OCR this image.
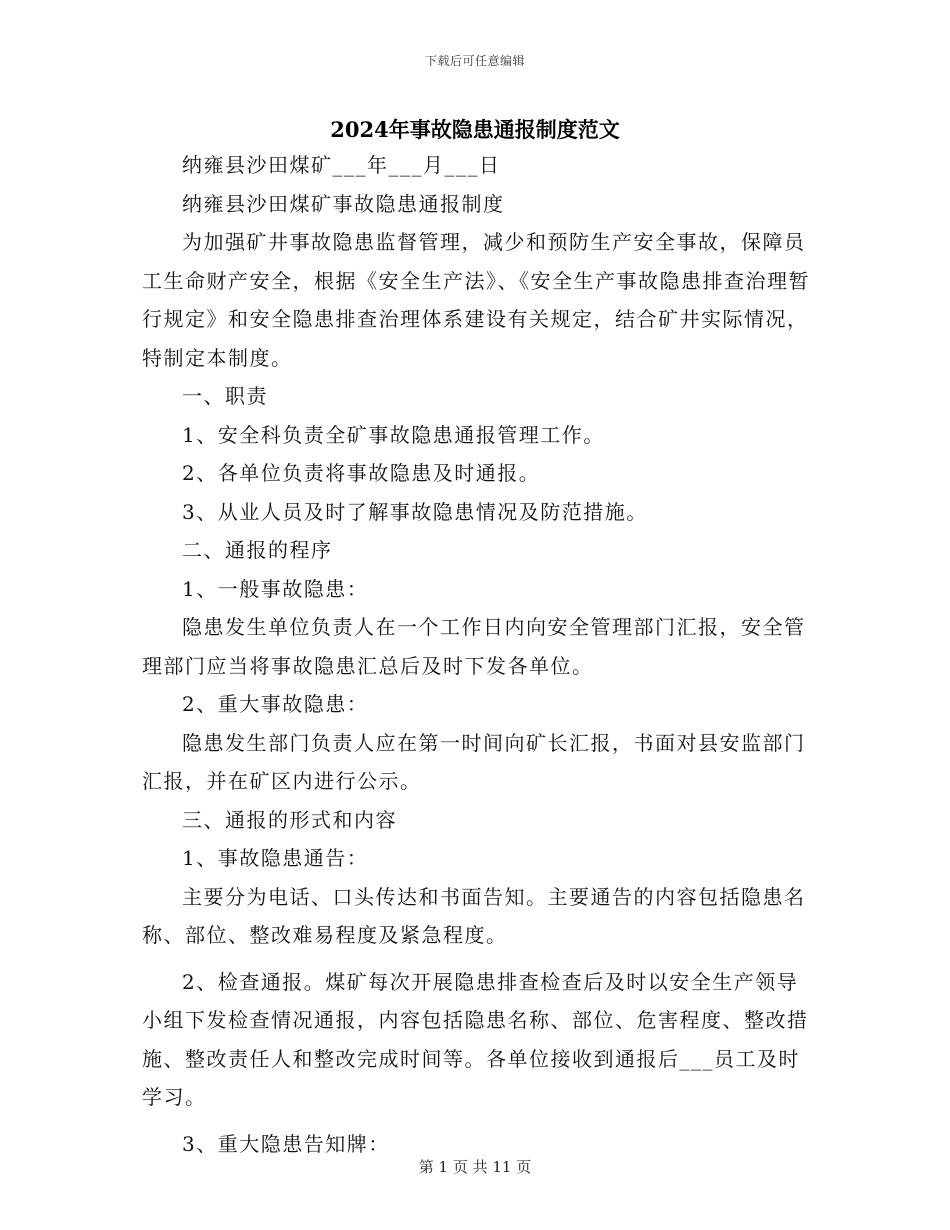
下载后可任意编辑
2024年事故隐患通报制度范文

纳雍县沙田煤矿___年___月___日

纳雍县沙田煤矿事故隐患通报制度

为加强矿井事故隐患监督管理，减少和预防生产安全事故，保障员工生命财产安全，根据《安全生产法》、《安全生产事故隐患排查治理暂行规定》和安全隐患排查治理体系建设有关规定，结合矿井实际情况，特制定本制度。

一、职责

1、安全科负责全矿事故隐患通报管理工作。

2、各单位负责将事故隐患及时通报。

3、从业人员及时了解事故隐患情况及防范措施。

二、通报的程序

1、一般事故隐患：

隐患发生单位负责人在一个工作日内向安全管理部门汇报，安全管理部门应当将事故隐患汇总后及时下发各单位。

2、重大事故隐患：

隐患发生部门负责人应在第一时间向矿长汇报，书面对县安监部门汇报，并在矿区内进行公示。

三、通报的形式和内容

1、事故隐患通告：

主要分为电话、口头传达和书面告知。主要通告的内容包括隐患名称、部位、整改难易程度及紧急程度。

2、检查通报。煤矿每次开展隐患排查检查后及时以安全生产领导小组下发检查情况通报，内容包括隐患名称、部位、危害程度、整改措施、整改责任人和整改完成时间等。各单位接收到通报后___员工及时学习。

3、重大隐患告知牌：

第 1 页 共 11 页
